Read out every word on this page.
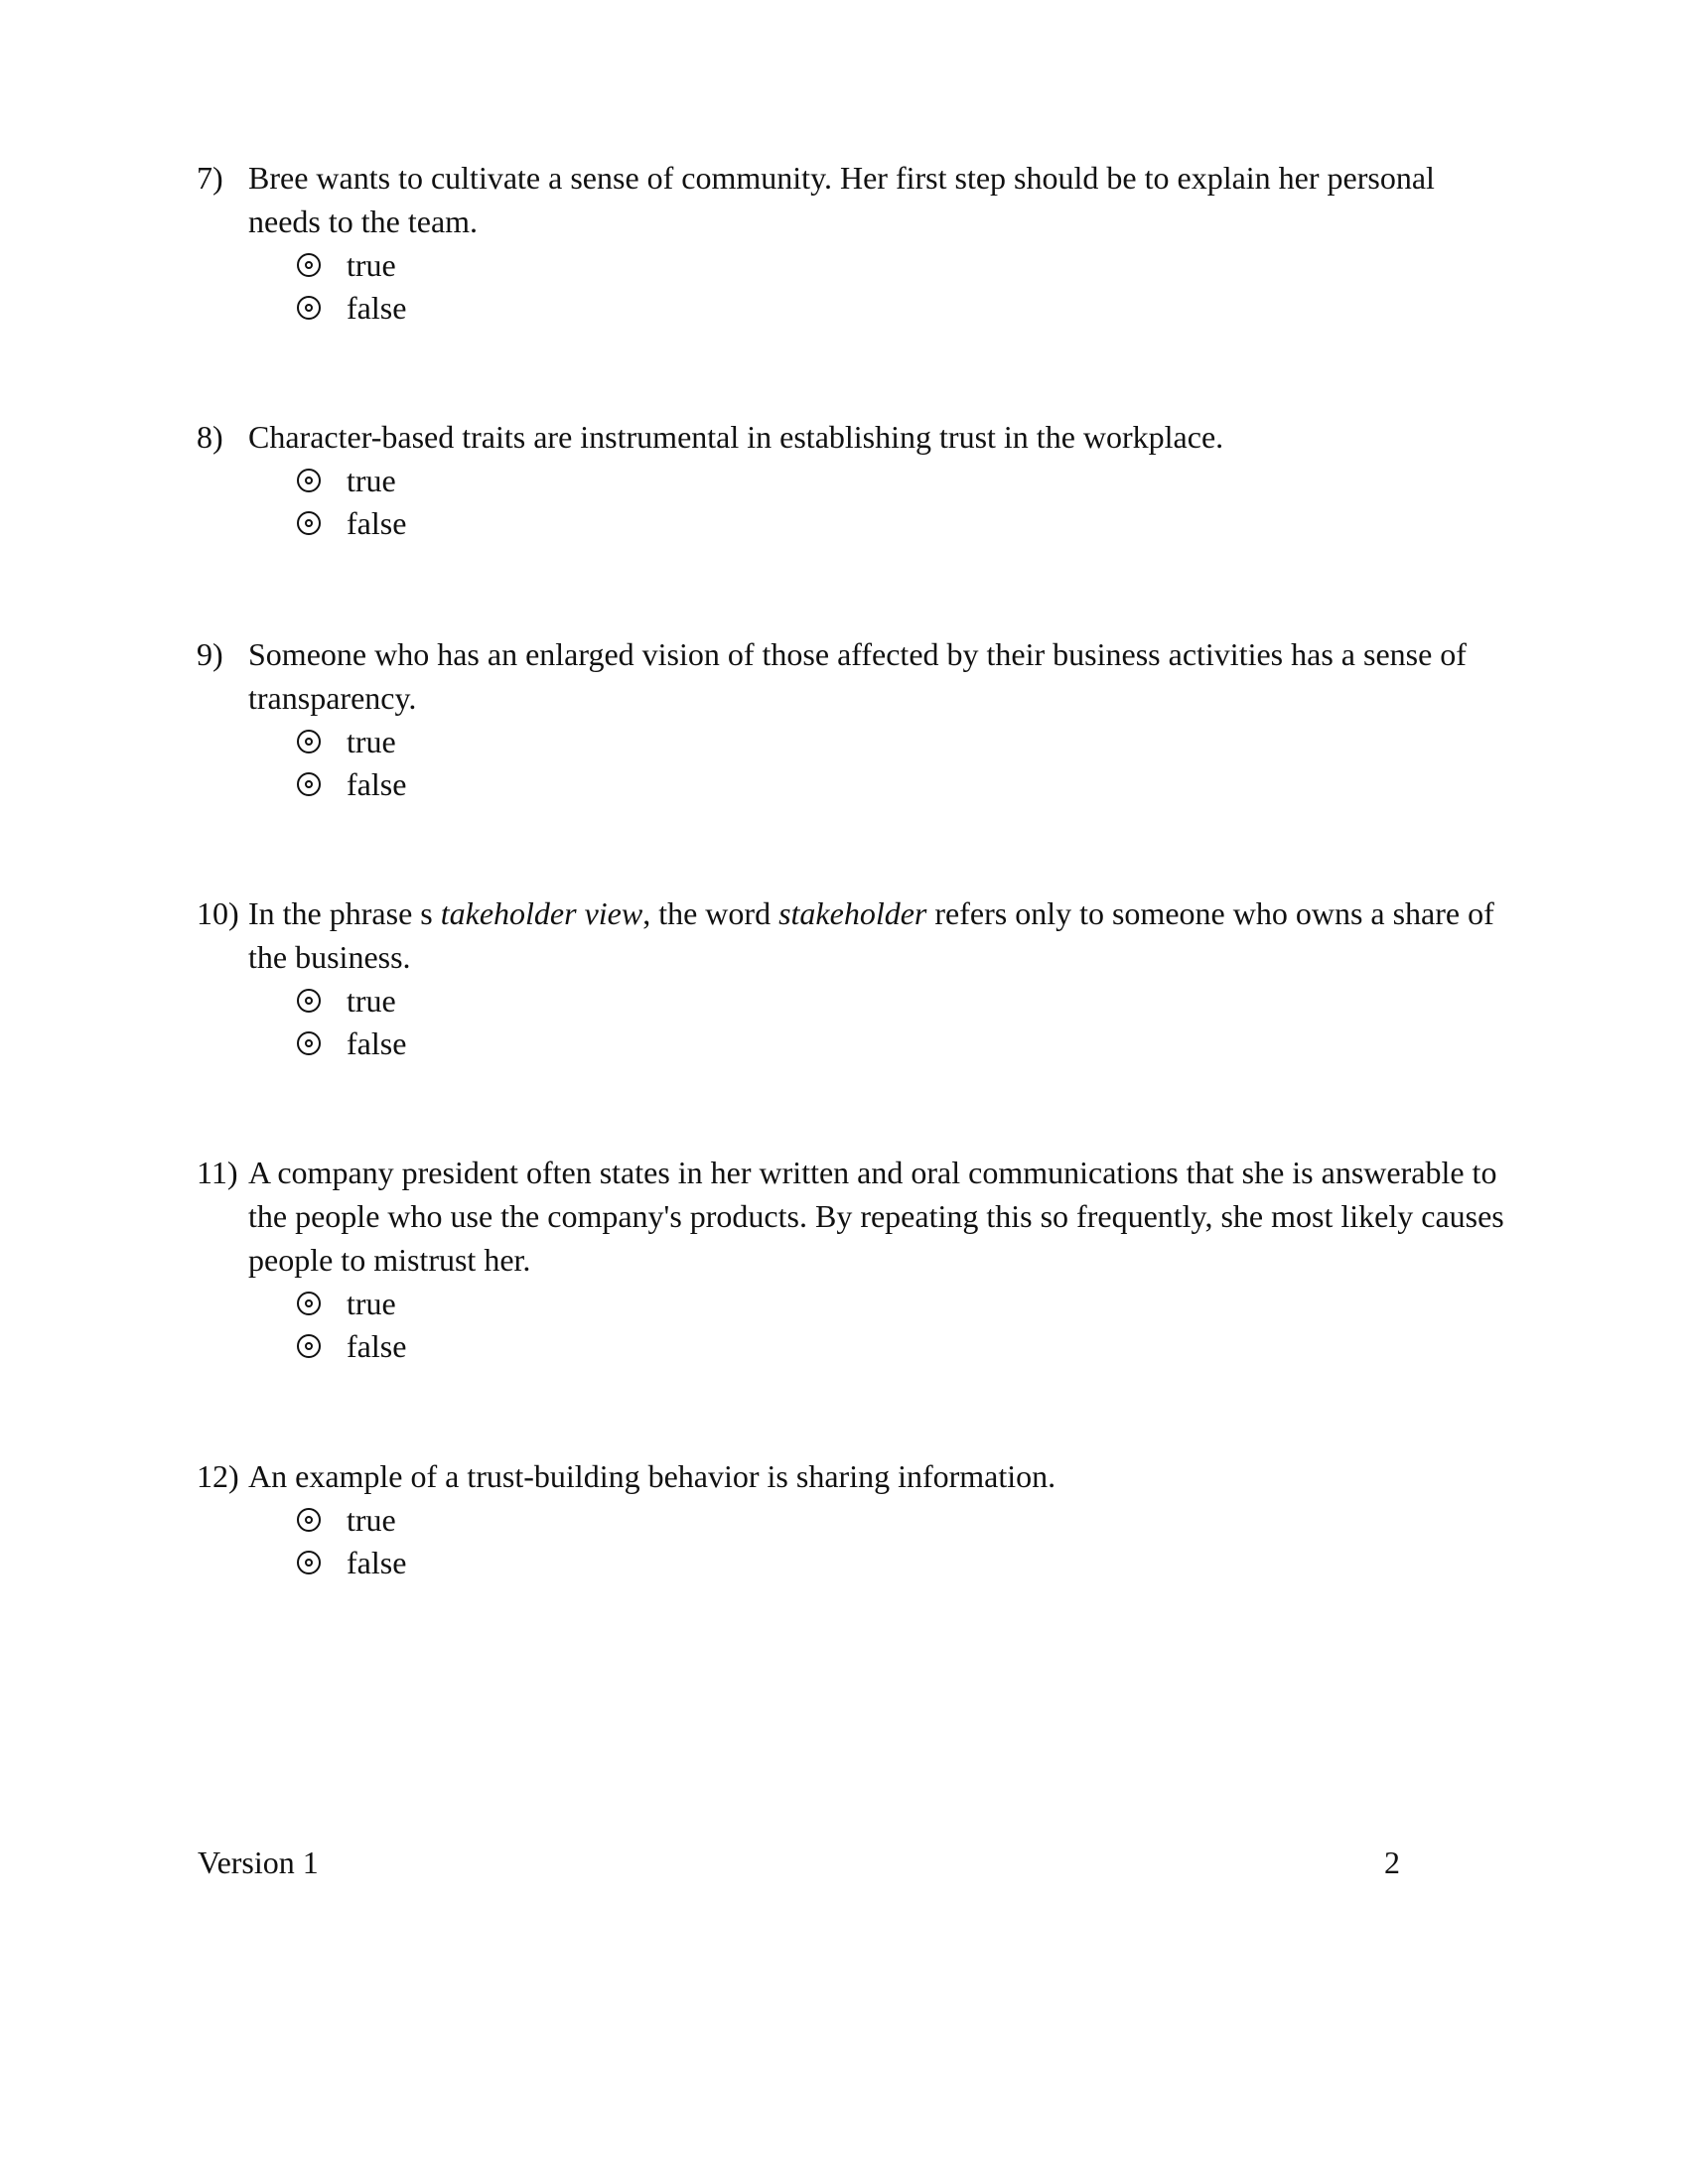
7) Bree wants to cultivate a sense of community. Her first step should be to explain her personal needs to the team.
true
false
8) Character-based traits are instrumental in establishing trust in the workplace.
true
false
9) Someone who has an enlarged vision of those affected by their business activities has a sense of transparency.
true
false
10) In the phrase s takeholder view, the word stakeholder refers only to someone who owns a share of the business.
true
false
11) A company president often states in her written and oral communications that she is answerable to the people who use the company's products. By repeating this so frequently, she most likely causes people to mistrust her.
true
false
12) An example of a trust-building behavior is sharing information.
true
false
Version 1	2
